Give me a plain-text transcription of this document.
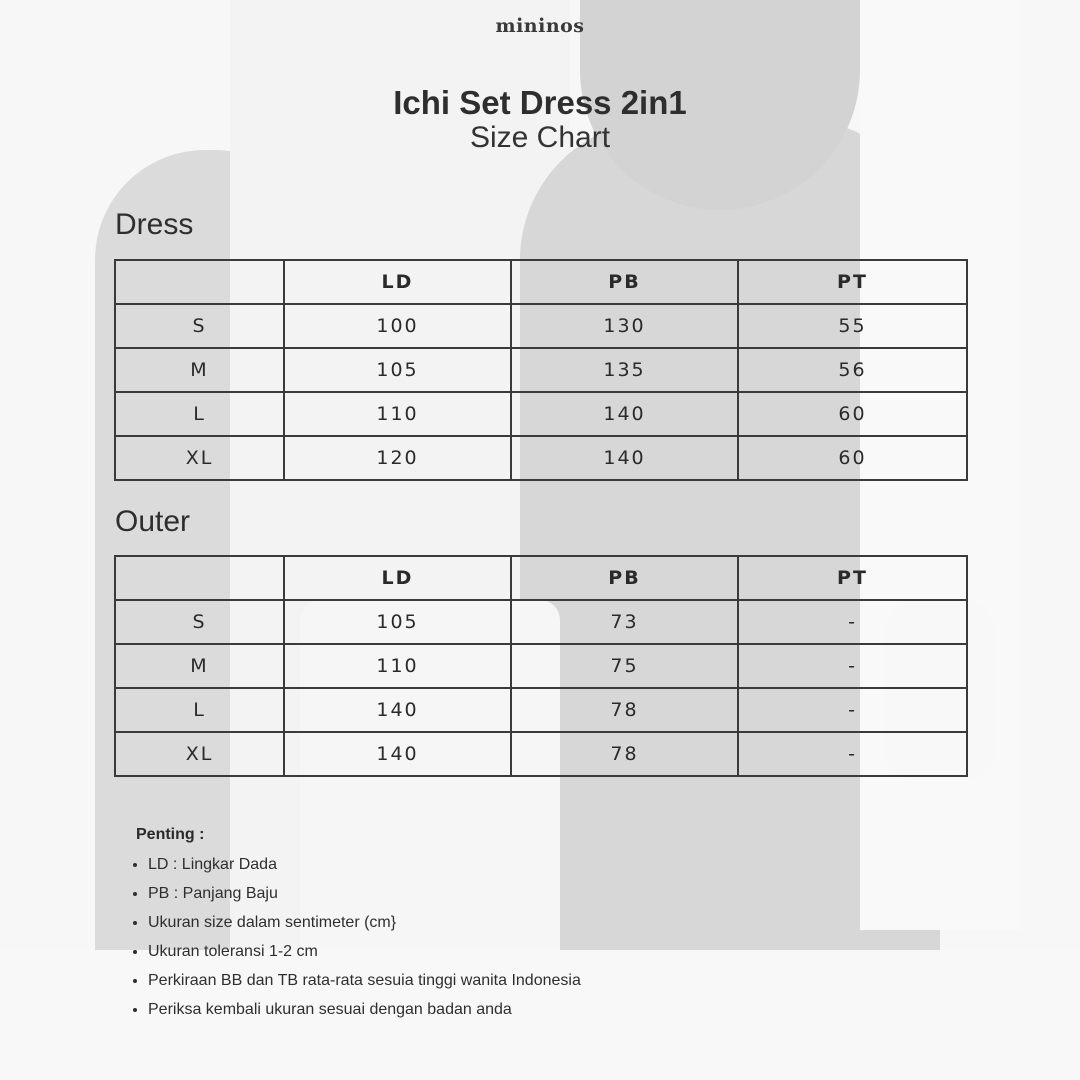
mininos
Ichi Set Dress 2in1
Size Chart
Dress
	LD	PB	PT
S	100	130	55
M	105	135	56
L	110	140	60
XL	120	140	60
Outer
	LD	PB	PT
S	105	73	-
M	110	75	-
L	140	78	-
XL	140	78	-
Penting :
• LD : Lingkar Dada
• PB : Panjang Baju
• Ukuran size dalam sentimeter (cm}
• Ukuran toleransi 1-2 cm
• Perkiraan BB dan TB rata-rata sesuia tinggi wanita Indonesia
• Periksa kembali ukuran sesuai dengan badan anda
